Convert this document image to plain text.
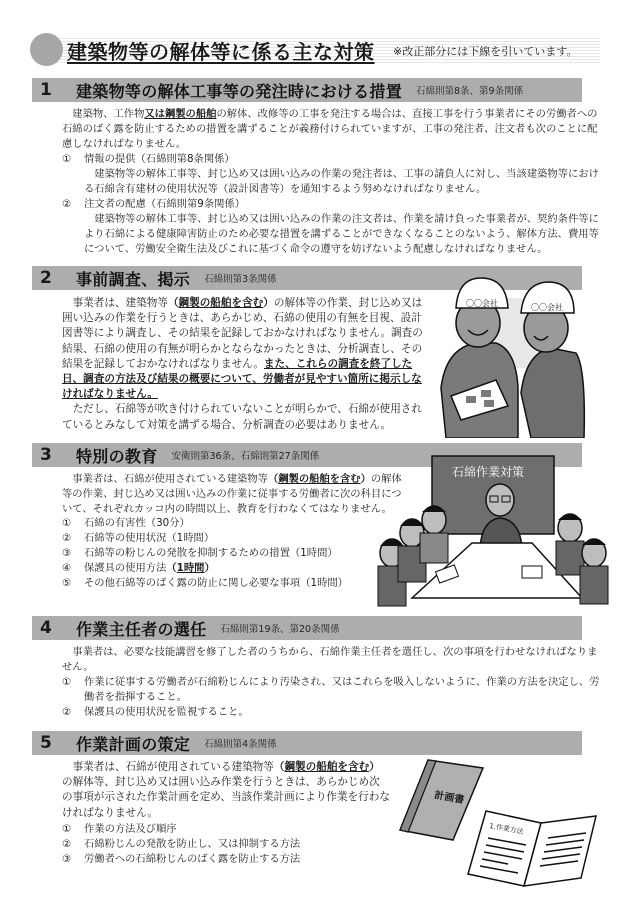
建築物等の解体等に係る主な対策 ※改正部分には下線を引いています。
1	建築物等の解体工事等の発注時における措置 石綿則第8条、第9条関係
建築物、工作物又は鋼製の船舶の解体、改修等の工事を発注する場合は、直接工事を行う事業者にその労働者への石綿のばく露を防止するための措置を講ずることが義務付けられていますが、工事の発注者、注文者も次のことに配慮しなければなりません。
①	情報の提供（石綿則第8条関係）
建築物等の解体工事等、封じ込め又は囲い込みの作業の発注者は、工事の請負人に対し、当該建築物等における石綿含有建材の使用状況等（設計図書等）を通知するよう努めなければなりません。
②	注文者の配慮（石綿則第9条関係）
建築物等の解体工事等、封じ込め又は囲い込みの作業の注文者は、作業を請け負った事業者が、契約条件等により石綿による健康障害防止のため必要な措置を講ずることができなくなることのないよう、解体方法、費用等について、労働安全衛生法及びこれに基づく命令の遵守を妨げないよう配慮しなければなりません。
2	事前調査、掲示 石綿則第3条関係
事業者は、建築物等（鋼製の船舶を含む）の解体等の作業、封じ込め又は囲い込みの作業を行うときは、あらかじめ、石綿の使用の有無を目視、設計図書等により調査し、その結果を記録しておかなければなりません。調査の結果、石綿の使用の有無が明らかとならなかったときは、分析調査し、その結果を記録しておかなければなりません。また、これらの調査を終了した日、調査の方法及び結果の概要について、労働者が見やすい箇所に掲示しなければなりません。
ただし、石綿等が吹き付けられていないことが明らかで、石綿が使用されているとみなして対策を講ずる場合、分析調査の必要はありません。
〇〇会社	〇〇会社
3	特別の教育 安衛則第36条、石綿則第27条関係
事業者は、石綿が使用されている建築物等（鋼製の船舶を含む）の解体等の作業、封じ込め又は囲い込みの作業に従事する労働者に次の科目について、それぞれカッコ内の時間以上、教育を行わなくてはなりません。
①	石綿の有害性（30分）
②	石綿等の使用状況（1時間）
③	石綿等の粉じんの発散を抑制するための措置（1時間）
④	保護具の使用方法（1時間）
⑤	その他石綿等のばく露の防止に関し必要な事項（1時間）
石綿作業対策
4	作業主任者の選任 石綿則第19条、第20条関係
事業者は、必要な技能講習を修了した者のうちから、石綿作業主任者を選任し、次の事項を行わせなければなりません。
①	作業に従事する労働者が石綿粉じんにより汚染され、又はこれらを吸入しないように、作業の方法を決定し、労働者を指揮すること。
②	保護具の使用状況を監視すること。
5	作業計画の策定 石綿則第4条関係
事業者は、石綿が使用されている建築物等（鋼製の船舶を含む）の解体等、封じ込め又は囲い込み作業を行うときは、あらかじめ次の事項が示された作業計画を定め、当該作業計画により作業を行わなければなりません。
①	作業の方法及び順序
②	石綿粉じんの発散を防止し、又は抑制する方法
③	労働者への石綿粉じんのばく露を防止する方法
計画書
1.作業方法
